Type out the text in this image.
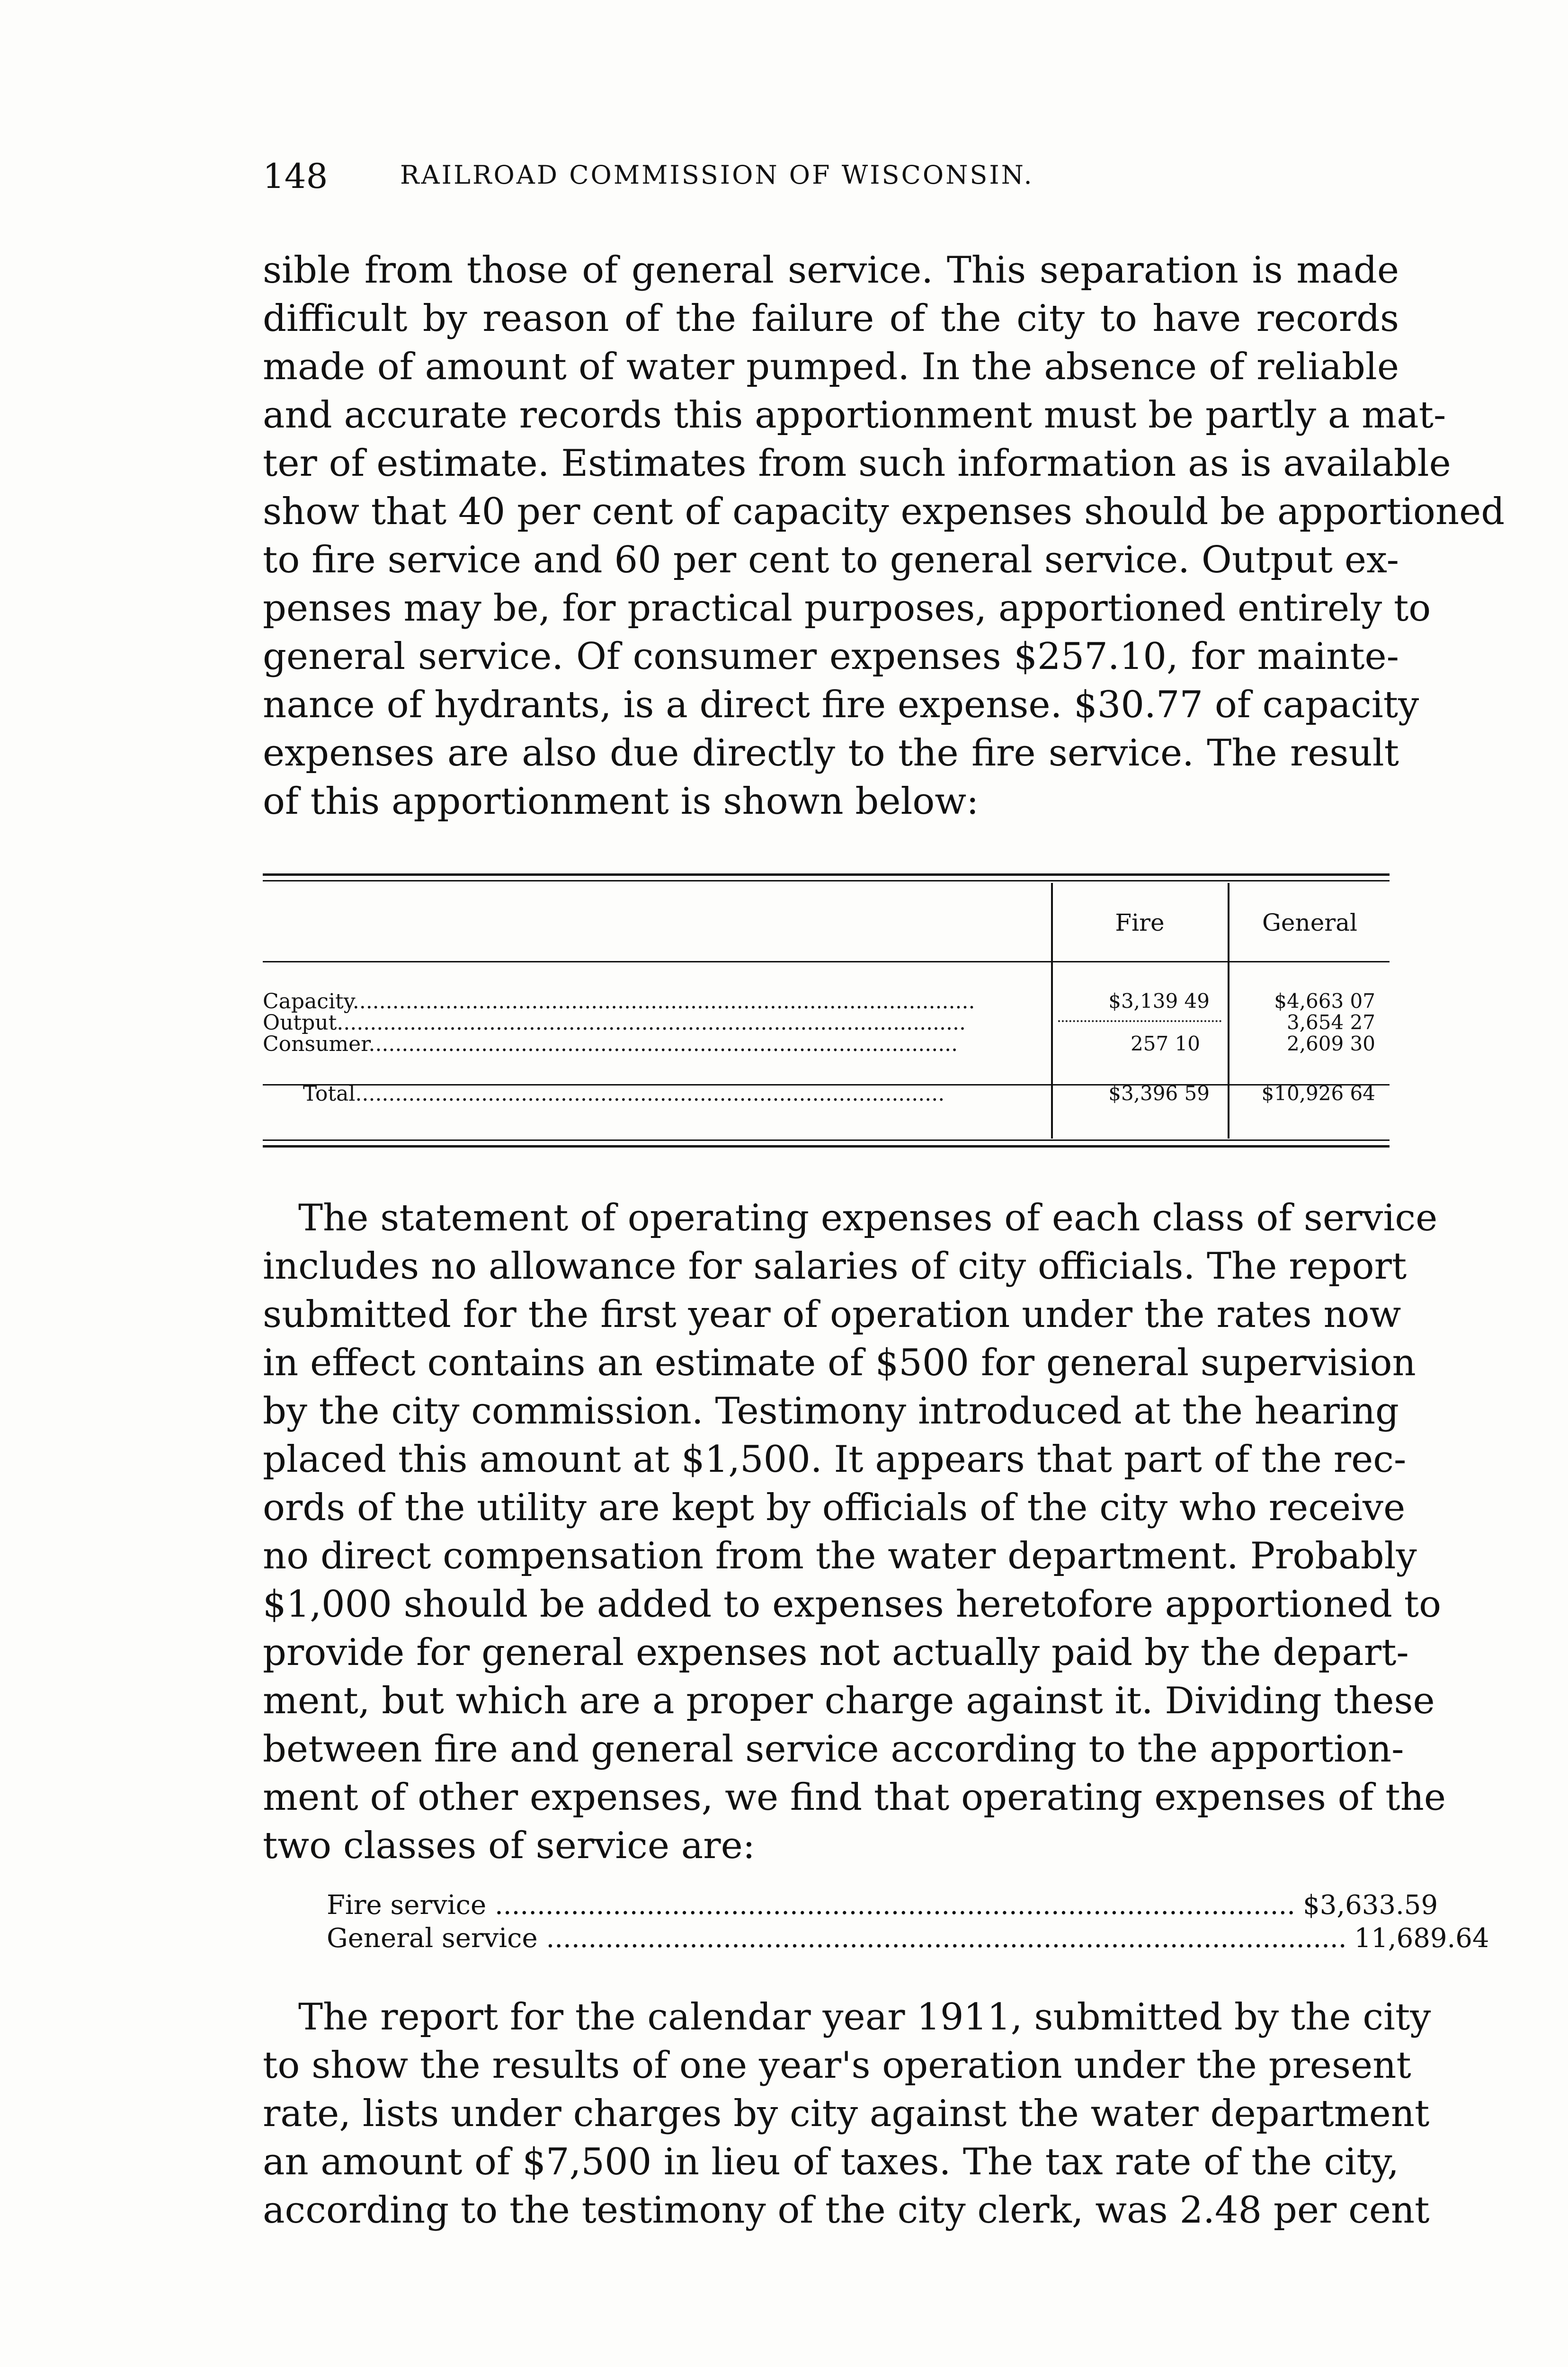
148	RAILROAD COMMISSION OF WISCONSIN.
sible from those of general service. This separation is made
difficult by reason of the failure of the city to have records
made of amount of water pumped. In the absence of reliable
and accurate records this apportionment must be partly a mat-
ter of estimate. Estimates from such information as is available
show that 40 per cent of capacity expenses should be apportioned
to fire service and 60 per cent to general service. Output ex-
penses may be, for practical purposes, apportioned entirely to
general service. Of consumer expenses $257.10, for mainte-
nance of hydrants, is a direct fire expense. $30.77 of capacity
expenses are also due directly to the fire service. The result
of this apportionment is shown below:
Fire	General
Capacity..............................................................................................
Output...............................................................................................
Consumer.........................................................................................
Total.........................................................................................
$3,139 49
257 10
$3,396 59
$4,663 07
3,654 27
2,609 30
$10,926 64
The statement of operating expenses of each class of service
includes no allowance for salaries of city officials. The report
submitted for the first year of operation under the rates now
in effect contains an estimate of $500 for general supervision
by the city commission. Testimony introduced at the hearing
placed this amount at $1,500. It appears that part of the rec-
ords of the utility are kept by officials of the city who receive
no direct compensation from the water department. Probably
$1,000 should be added to expenses heretofore apportioned to
provide for general expenses not actually paid by the depart-
ment, but which are a proper charge against it. Dividing these
between fire and general service according to the apportion-
ment of other expenses, we find that operating expenses of the
two classes of service are:
Fire service ............................................................................................... $3,633.59
General service ............................................................................................... 11,689.64
The report for the calendar year 1911, submitted by the city
to show the results of one year's operation under the present
rate, lists under charges by city against the water department
an amount of $7,500 in lieu of taxes. The tax rate of the city,
according to the testimony of the city clerk, was 2.48 per cent
